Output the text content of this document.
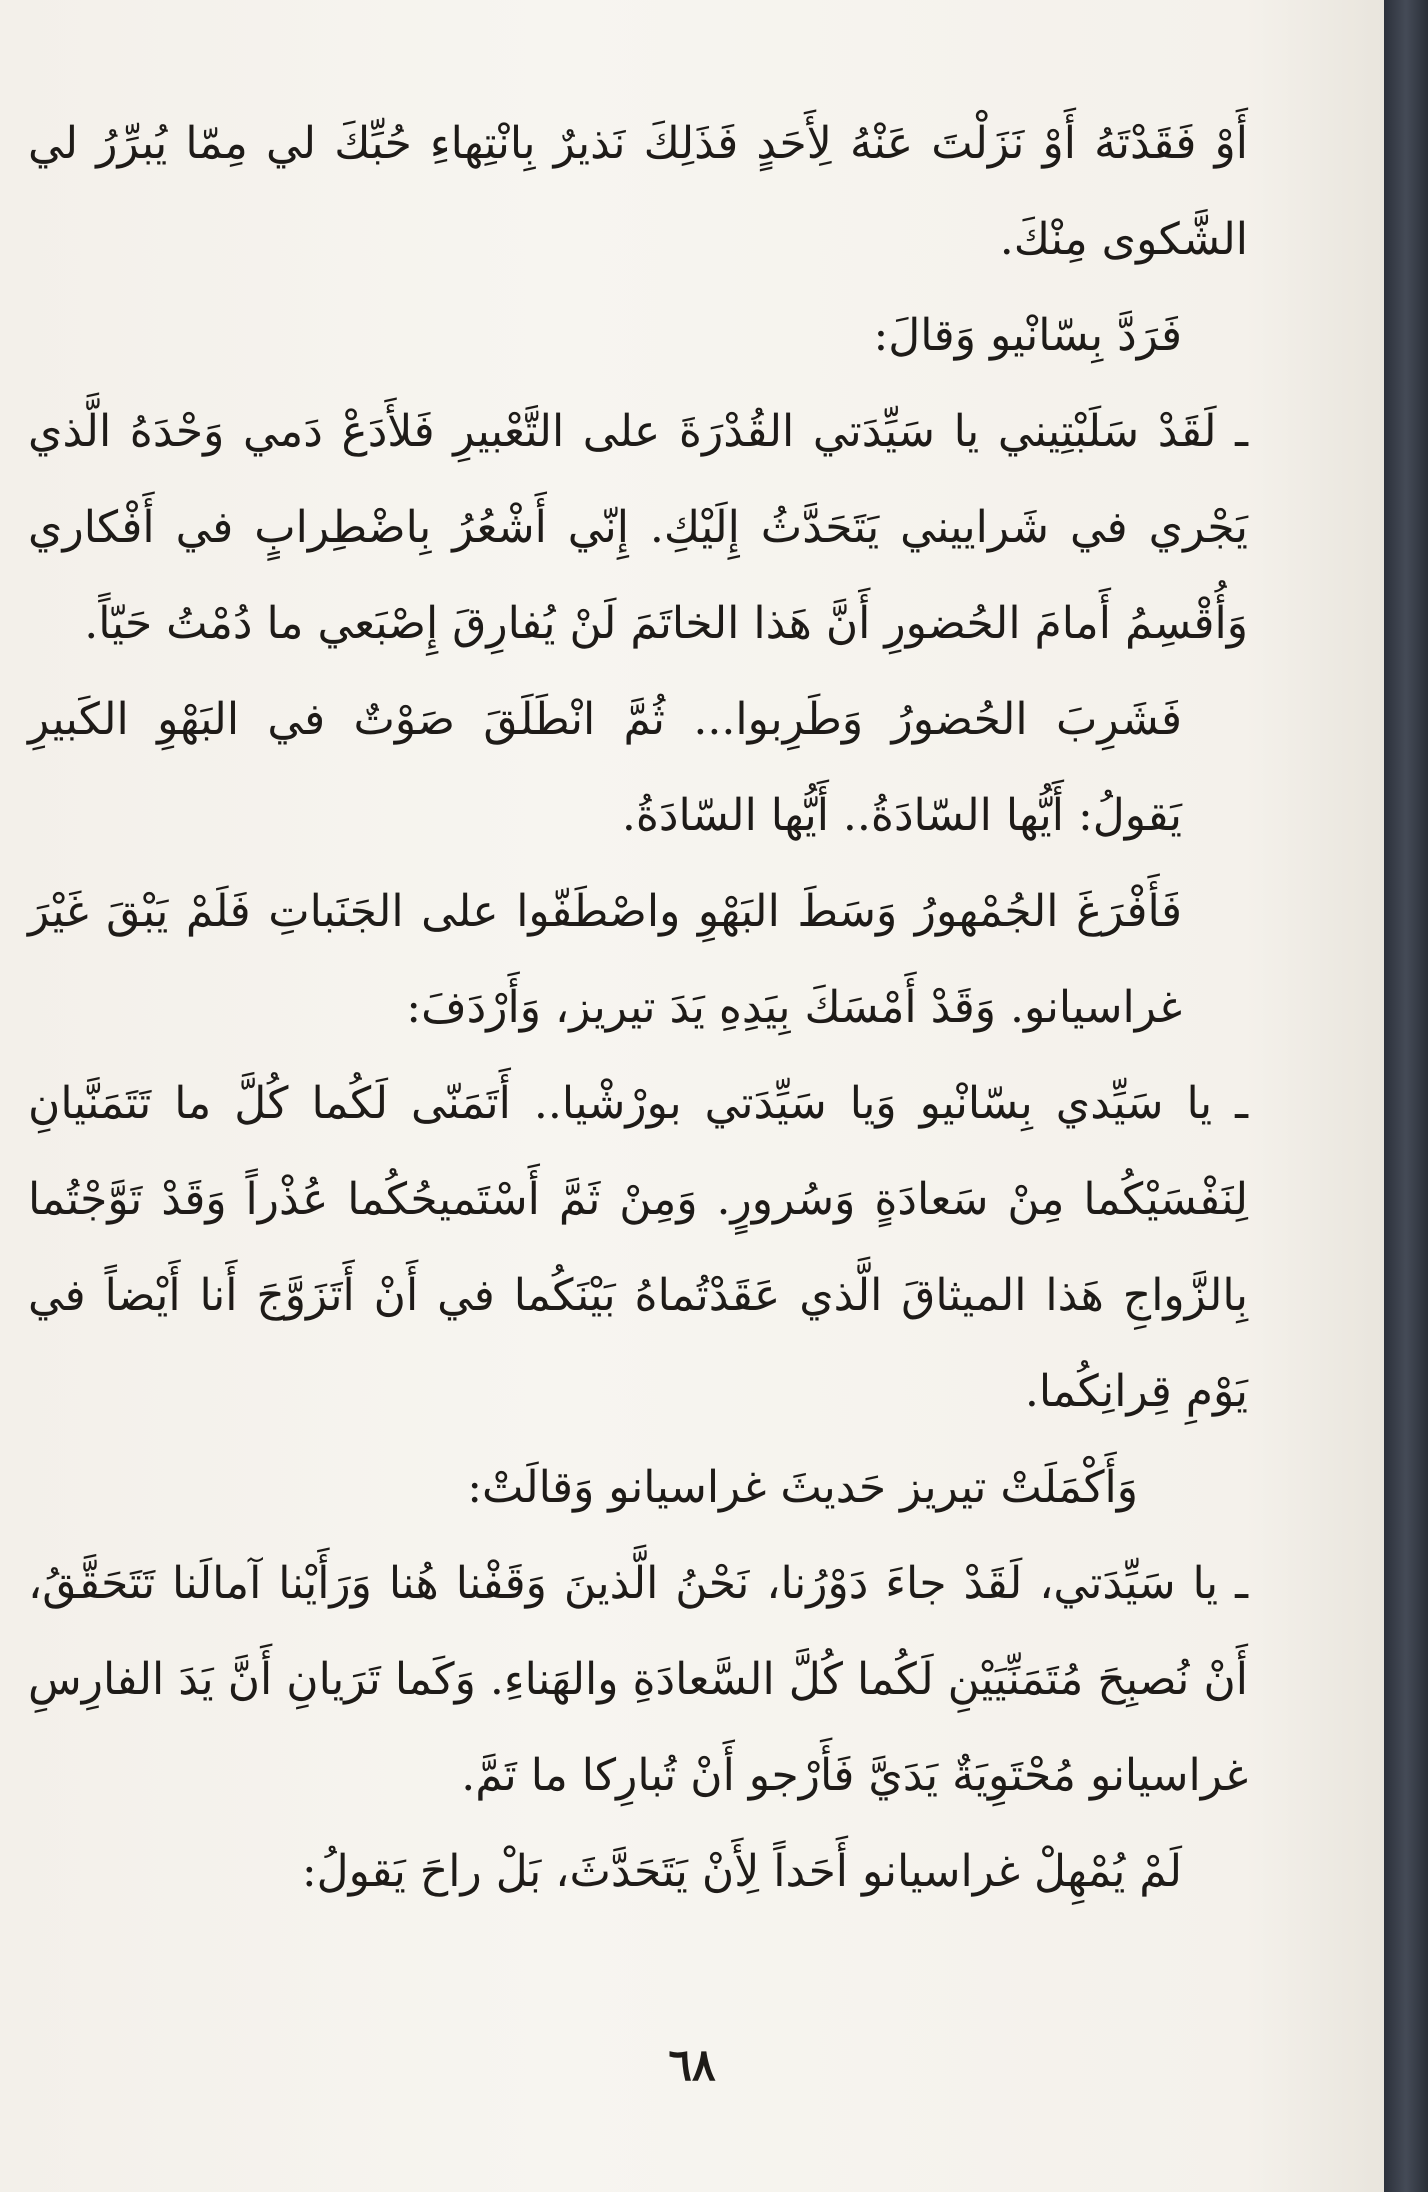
أَوْ فَقَدْتَهُ أَوْ نَزَلْتَ عَنْهُ لِأَحَدٍ فَذَلِكَ نَذيرٌ بِانْتِهاءِ حُبِّكَ لي مِمّا يُبرِّرُ لي الشَّكوى مِنْكَ.

فَرَدَّ بِسّانْيو وَقالَ:

ـ لَقَدْ سَلَبْتِيني يا سَيِّدَتي القُدْرَةَ على التَّعْبيرِ فَلأَدَعْ دَمي وَحْدَهُ الَّذي يَجْري في شَراييني يَتَحَدَّثُ إِلَيْكِ. إِنّي أَشْعُرُ بِاضْطِرابٍ في أَفْكاري وَأُقْسِمُ أَمامَ الحُضورِ أَنَّ هَذا الخاتَمَ لَنْ يُفارِقَ إِصْبَعي ما دُمْتُ حَيّاً.

فَشَرِبَ الحُضورُ وَطَرِبوا... ثُمَّ انْطَلَقَ صَوْتٌ في البَهْوِ الكَبيرِ يَقولُ: أَيُّها السّادَةُ.. أَيُّها السّادَةُ.

فَأَفْرَغَ الجُمْهورُ وَسَطَ البَهْوِ واصْطَفّوا على الجَنَباتِ فَلَمْ يَبْقَ غَيْرَ غراسيانو. وَقَدْ أَمْسَكَ بِيَدِهِ يَدَ تيريز، وَأَرْدَفَ:

ـ يا سَيِّدي بِسّانْيو وَيا سَيِّدَتي بورْشْيا.. أَتَمَنّى لَكُما كُلَّ ما تَتَمَنَّيانِ لِنَفْسَيْكُما مِنْ سَعادَةٍ وَسُرورٍ. وَمِنْ ثَمَّ أَسْتَميحُكُما عُذْراً وَقَدْ تَوَّجْتُما بِالزَّواجِ هَذا الميثاقَ الَّذي عَقَدْتُماهُ بَيْنَكُما في أَنْ أَتَزَوَّجَ أَنا أَيْضاً في يَوْمِ قِرانِكُما.

وَأَكْمَلَتْ تيريز حَديثَ غراسيانو وَقالَتْ:

ـ يا سَيِّدَتي، لَقَدْ جاءَ دَوْرُنا، نَحْنُ الَّذينَ وَقَفْنا هُنا وَرَأَيْنا آمالَنا تَتَحَقَّقُ، أَنْ نُصبِحَ مُتَمَنِّيَيْنِ لَكُما كُلَّ السَّعادَةِ والهَناءِ. وَكَما تَرَيانِ أَنَّ يَدَ الفارِسِ غراسيانو مُحْتَوِيَةٌ يَدَيَّ فَأَرْجو أَنْ تُبارِكا ما تَمَّ.

لَمْ يُمْهِلْ غراسيانو أَحَداً لِأَنْ يَتَحَدَّثَ، بَلْ راحَ يَقولُ:

٦٨
